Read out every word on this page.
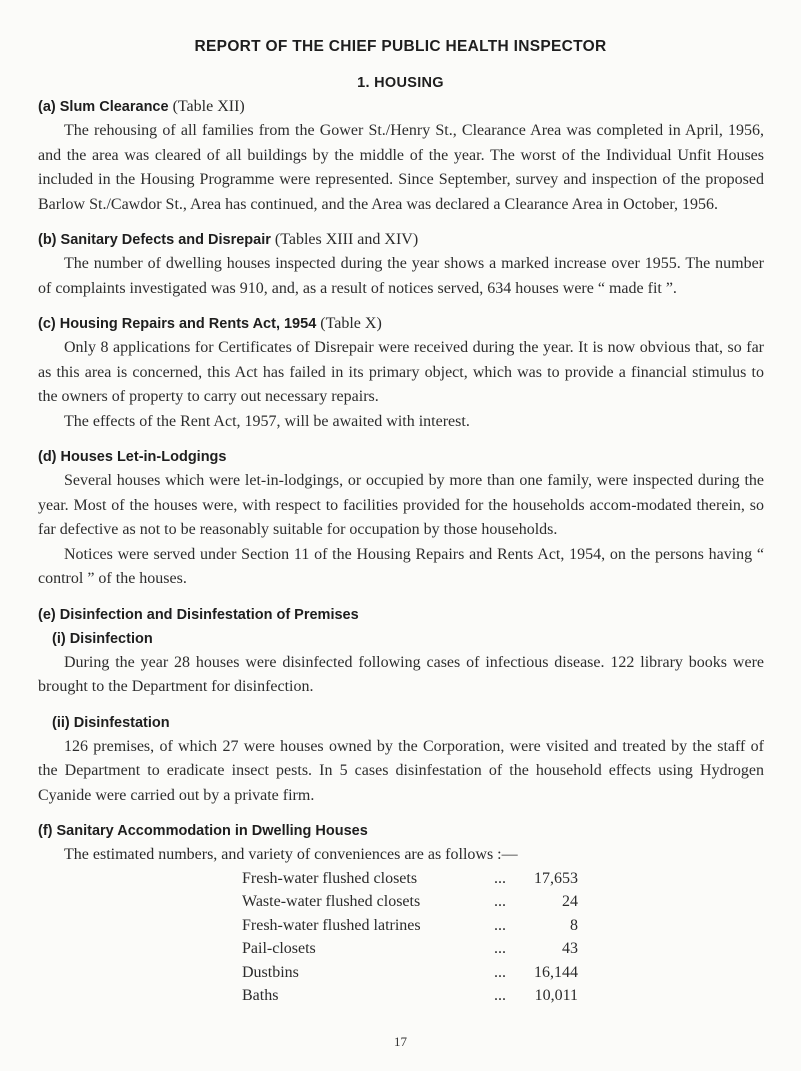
REPORT OF THE CHIEF PUBLIC HEALTH INSPECTOR
1. HOUSING
(a) Slum Clearance (Table XII)

The rehousing of all families from the Gower St./Henry St., Clearance Area was completed in April, 1956, and the area was cleared of all buildings by the middle of the year. The worst of the Individual Unfit Houses included in the Housing Programme were represented. Since September, survey and inspection of the proposed Barlow St./Cawdor St., Area has continued, and the Area was declared a Clearance Area in October, 1956.

(b) Sanitary Defects and Disrepair (Tables XIII and XIV)

The number of dwelling houses inspected during the year shows a marked increase over 1955. The number of complaints investigated was 910, and, as a result of notices served, 634 houses were “ made fit ”.

(c) Housing Repairs and Rents Act, 1954 (Table X)

Only 8 applications for Certificates of Disrepair were received during the year. It is now obvious that, so far as this area is concerned, this Act has failed in its primary object, which was to provide a financial stimulus to the owners of property to carry out necessary repairs.

The effects of the Rent Act, 1957, will be awaited with interest.

(d) Houses Let-in-Lodgings

Several houses which were let-in-lodgings, or occupied by more than one family, were inspected during the year. Most of the houses were, with respect to facilities provided for the households accom-modated therein, so far defective as not to be reasonably suitable for occupation by those households.

Notices were served under Section 11 of the Housing Repairs and Rents Act, 1954, on the persons having “ control ” of the houses.

(e) Disinfection and Disinfestation of Premises
(i) Disinfection

During the year 28 houses were disinfected following cases of infectious disease. 122 library books were brought to the Department for disinfection.

(ii) Disinfestation

126 premises, of which 27 were houses owned by the Corporation, were visited and treated by the staff of the Department to eradicate insect pests. In 5 cases disinfestation of the household effects using Hydrogen Cyanide were carried out by a private firm.

(f) Sanitary Accommodation in Dwelling Houses

The estimated numbers, and variety of conveniences are as follows :—

Fresh-water flushed closets	...	17,653
Waste-water flushed closets	...	24
Fresh-water flushed latrines	...	8
Pail-closets	...	43
Dustbins	...	16,144
Baths	...	10,011
17
